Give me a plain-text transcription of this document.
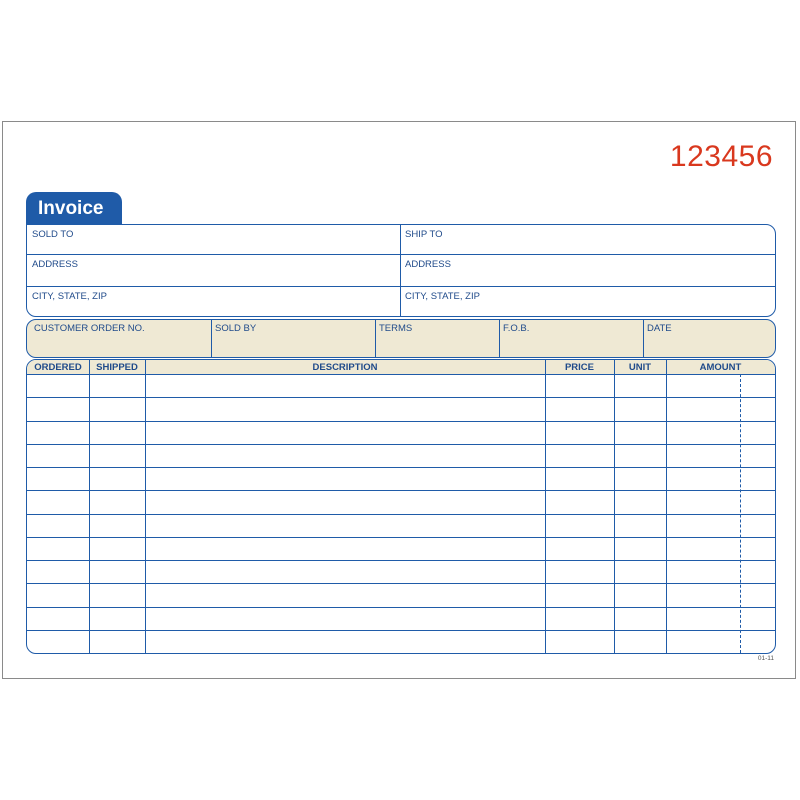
123456
Invoice
SOLD TO	SHIP TO
ADDRESS	ADDRESS
CITY, STATE, ZIP	CITY, STATE, ZIP
CUSTOMER ORDER NO.	SOLD BY	TERMS	F.O.B.	DATE
ORDERED	SHIPPED	DESCRIPTION	PRICE	UNIT	AMOUNT
01-11
